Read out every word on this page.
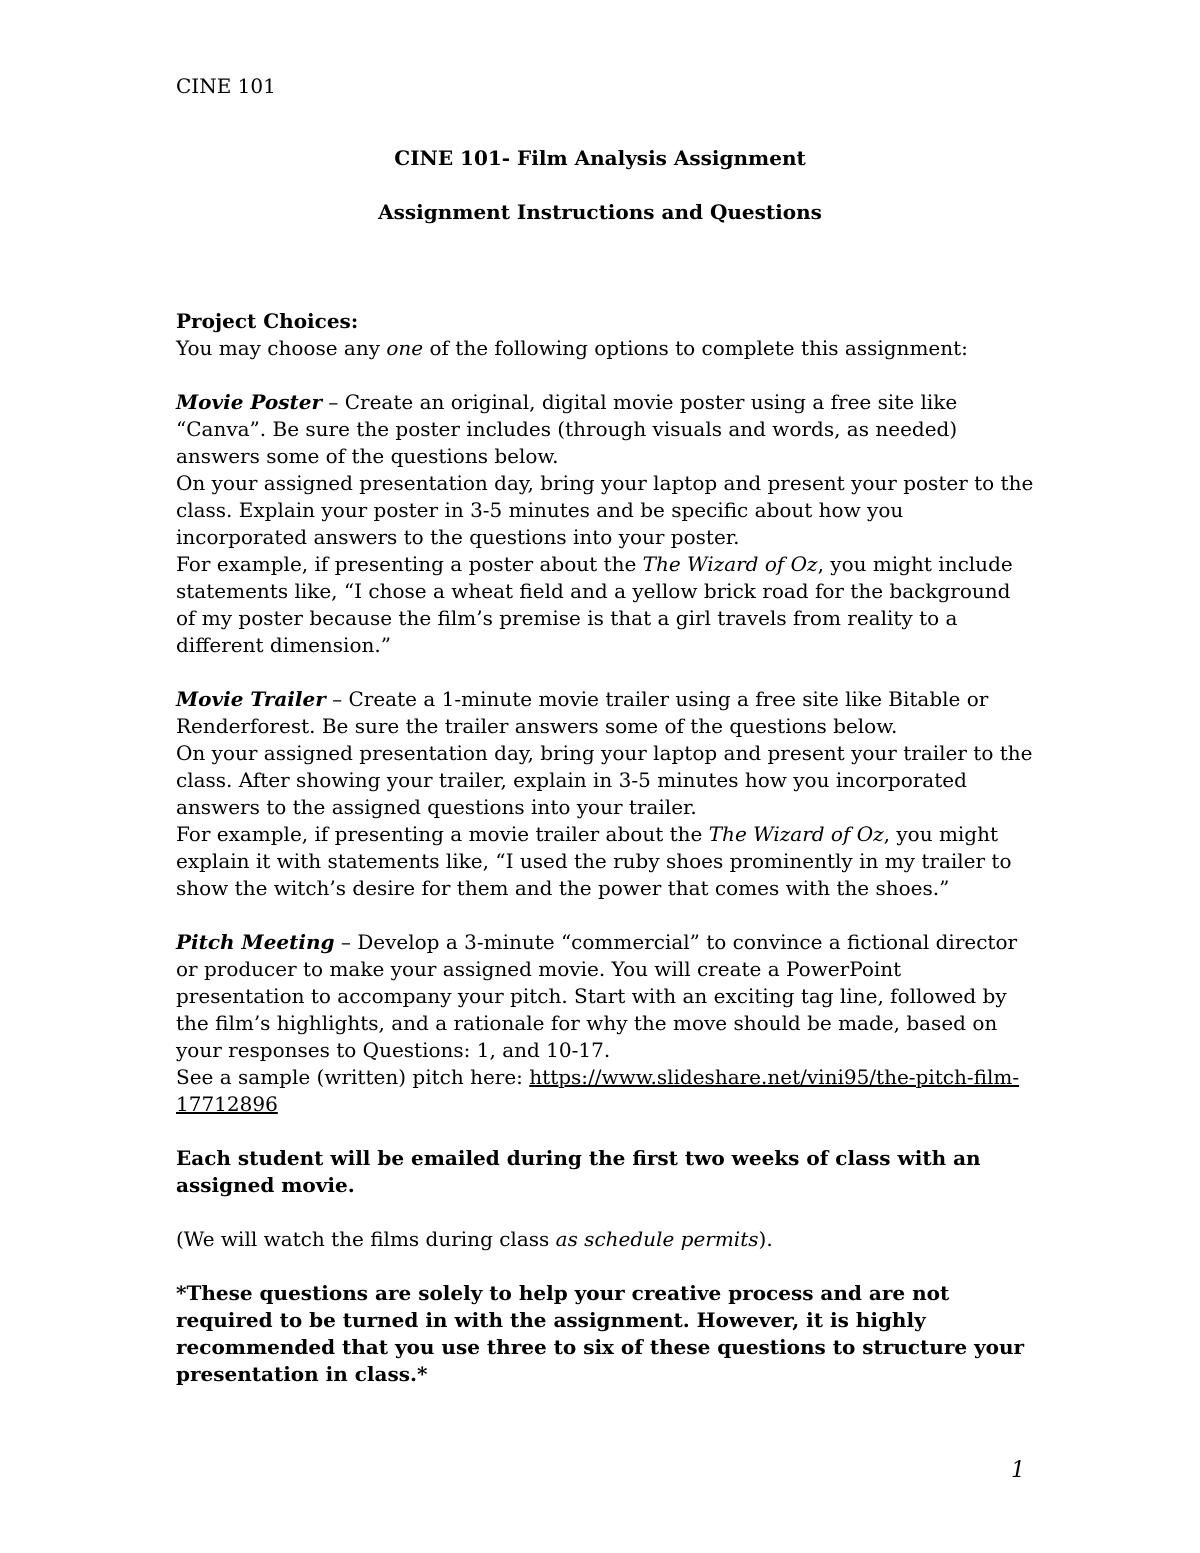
CINE 101
CINE 101- Film Analysis Assignment
Assignment Instructions and Questions

Project Choices:

You may choose any one of the following options to complete this assignment:

Movie Poster – Create an original, digital movie poster using a free site like “Canva”. Be sure the poster includes (through visuals and words, as needed) answers some of the questions below.

On your assigned presentation day, bring your laptop and present your poster to the class. Explain your poster in 3-5 minutes and be specific about how you incorporated answers to the questions into your poster.

For example, if presenting a poster about the The Wizard of Oz, you might include statements like, “I chose a wheat field and a yellow brick road for the background of my poster because the film’s premise is that a girl travels from reality to a different dimension.”

Movie Trailer – Create a 1-minute movie trailer using a free site like Bitable or Renderforest. Be sure the trailer answers some of the questions below.

On your assigned presentation day, bring your laptop and present your trailer to the class. After showing your trailer, explain in 3-5 minutes how you incorporated answers to the assigned questions into your trailer.

For example, if presenting a movie trailer about the The Wizard of Oz, you might explain it with statements like, “I used the ruby shoes prominently in my trailer to show the witch’s desire for them and the power that comes with the shoes.”

Pitch Meeting – Develop a 3-minute “commercial” to convince a fictional director or producer to make your assigned movie. You will create a PowerPoint presentation to accompany your pitch. Start with an exciting tag line, followed by the film’s highlights, and a rationale for why the move should be made, based on your responses to Questions: 1, and 10-17.

See a sample (written) pitch here: https://www.slideshare.net/vini95/the-pitch-film-17712896

Each student will be emailed during the first two weeks of class with an assigned movie.

(We will watch the films during class as schedule permits).

*These questions are solely to help your creative process and are not required to be turned in with the assignment. However, it is highly recommended that you use three to six of these questions to structure your presentation in class.*

1
